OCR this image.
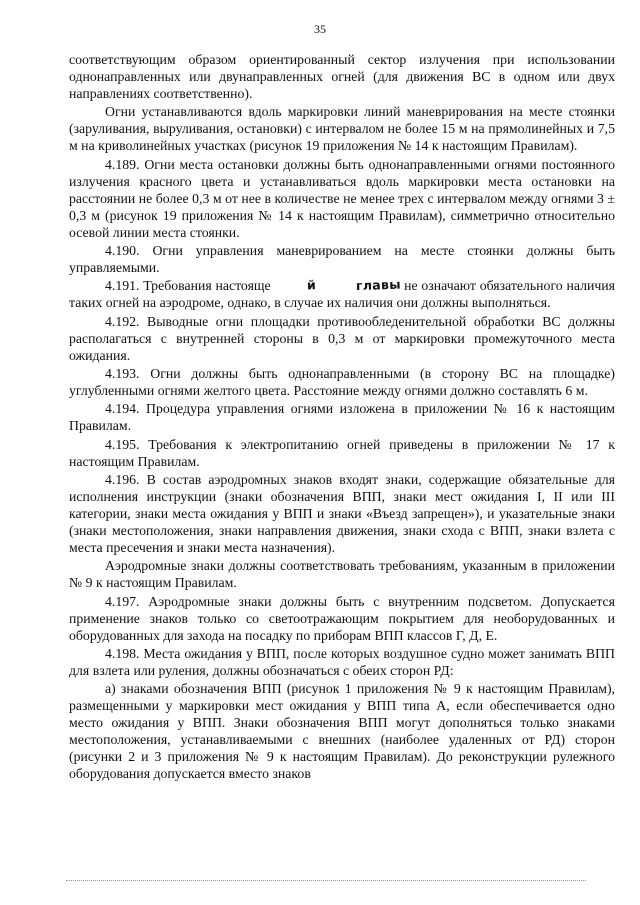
35

соответствующим образом ориентированный сектор излучения при использовании однонаправленных или двунаправленных огней (для движения ВС в одном или двух направлениях соответственно).

Огни устанавливаются вдоль маркировки линий маневрирования на месте стоянки (заруливания, выруливания, остановки) с интервалом не более 15 м на прямолинейных и 7,5 м на криволинейных участках (рисунок 19 приложения № 14 к настоящим Правилам).

4.189. Огни места остановки должны быть однонаправленными огнями постоянного излучения красного цвета и устанавливаться вдоль маркировки места остановки на расстоянии не более 0,3 м от нее в количестве не менее трех с интервалом между огнями 3 ± 0,3 м (рисунок 19 приложения № 14 к настоящим Правилам), симметрично относительно осевой линии места стоянки.

4.190. Огни управления маневрированием на месте стоянки должны быть управляемыми.

4.191. Требования настояще	й	главы не означают обязательного наличия таких огней на аэродроме, однако, в случае их наличия они должны выполняться.

4.192. Выводные огни площадки противообледенительной обработки ВС должны располагаться с внутренней стороны в 0,3 м от маркировки промежуточного места ожидания.

4.193. Огни должны быть однонаправленными (в сторону ВС на площадке) углубленными огнями желтого цвета. Расстояние между огнями должно составлять 6 м.

4.194. Процедура управления огнями изложена в приложении № 16 к настоящим Правилам.

4.195. Требования к электропитанию огней приведены в приложении № 17 к настоящим Правилам.

4.196. В состав аэродромных знаков входят знаки, содержащие обязательные для исполнения инструкции (знаки обозначения ВПП, знаки мест ожидания I, II или III категории, знаки места ожидания у ВПП и знаки «Въезд запрещен»), и указательные знаки (знаки местоположения, знаки направления движения, знаки схода с ВПП, знаки взлета с места пресечения и знаки места назначения).

Аэродромные знаки должны соответствовать требованиям, указанным в приложении № 9 к настоящим Правилам.

4.197. Аэродромные знаки должны быть с внутренним подсветом. Допускается применение знаков только со светоотражающим покрытием для необорудованных и оборудованных для захода на посадку по приборам ВПП классов Г, Д, Е.

4.198. Места ожидания у ВПП, после которых воздушное судно может занимать ВПП для взлета или руления, должны обозначаться с обеих сторон РД:

а) знаками обозначения ВПП (рисунок 1 приложения № 9 к настоящим Правилам), размещенными у маркировки мест ожидания у ВПП типа А, если обеспечивается одно место ожидания у ВПП. Знаки обозначения ВПП могут дополняться только знаками местоположения, устанавливаемыми с внешних (наиболее удаленных от РД) сторон (рисунки 2 и 3 приложения № 9 к настоящим Правилам). До реконструкции рулежного оборудования допускается вместо знаков
